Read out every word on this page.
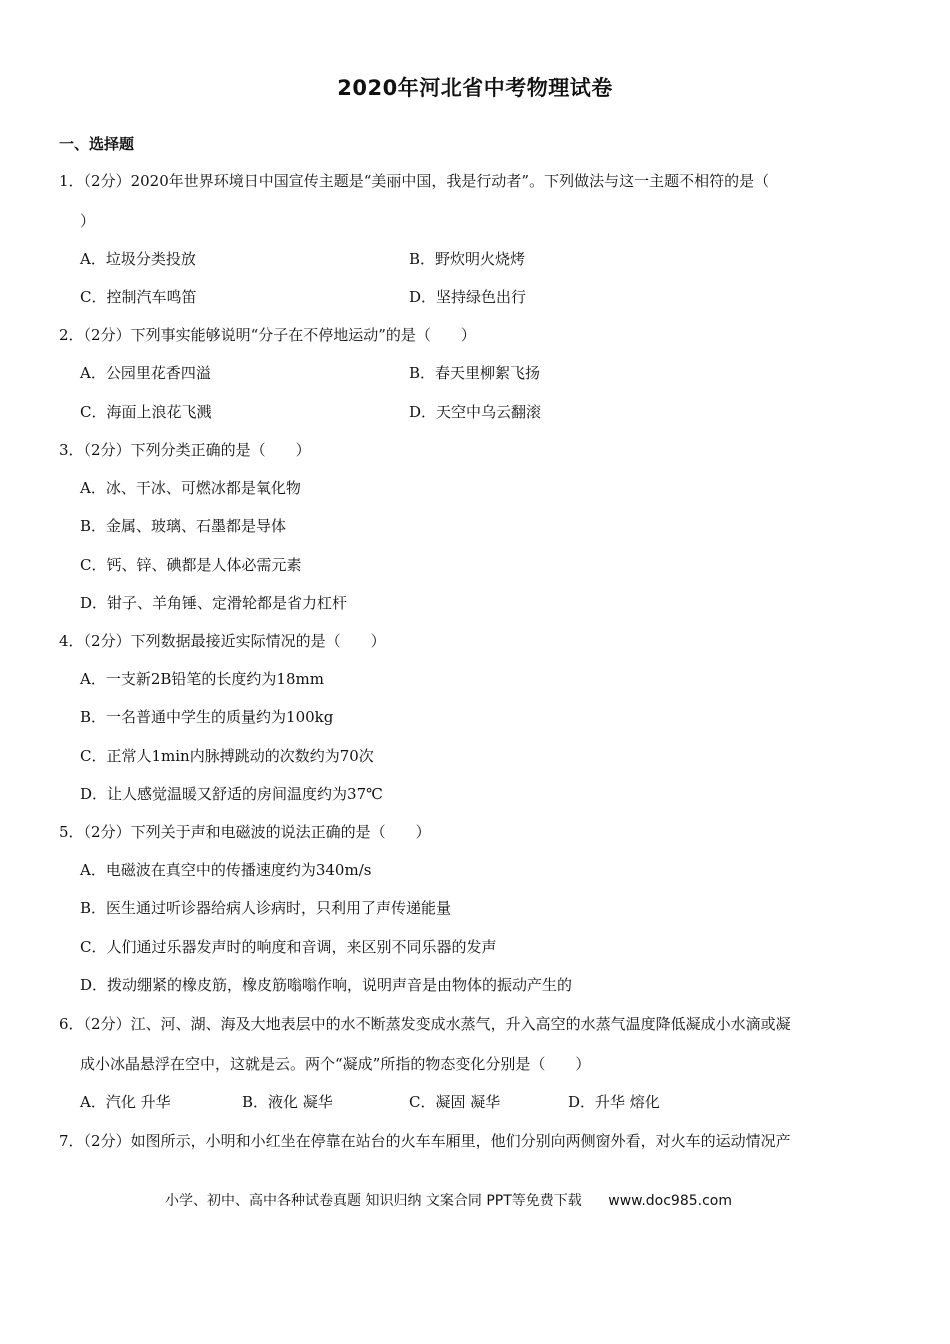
2020年河北省中考物理试卷
一、选择题
1．（2分）2020年世界环境日中国宣传主题是“美丽中国，我是行动者”。下列做法与这一主题不相符的是（
）
A．垃圾分类投放	B．野炊明火烧烤
C．控制汽车鸣笛	D．坚持绿色出行
2．（2分）下列事实能够说明“分子在不停地运动”的是（　　）
A．公园里花香四溢	B．春天里柳絮飞扬
C．海面上浪花飞溅	D．天空中乌云翻滚
3．（2分）下列分类正确的是（　　）
A．冰、干冰、可燃冰都是氧化物
B．金属、玻璃、石墨都是导体
C．钙、锌、碘都是人体必需元素
D．钳子、羊角锤、定滑轮都是省力杠杆
4．（2分）下列数据最接近实际情况的是（　　）
A．一支新2B铅笔的长度约为18mm
B．一名普通中学生的质量约为100kg
C．正常人1min内脉搏跳动的次数约为70次
D．让人感觉温暖又舒适的房间温度约为37℃
5．（2分）下列关于声和电磁波的说法正确的是（　　）
A．电磁波在真空中的传播速度约为340m/s
B．医生通过听诊器给病人诊病时，只利用了声传递能量
C．人们通过乐器发声时的响度和音调，来区别不同乐器的发声
D．拨动绷紧的橡皮筋，橡皮筋嗡嗡作响，说明声音是由物体的振动产生的
6．（2分）江、河、湖、海及大地表层中的水不断蒸发变成水蒸气，升入高空的水蒸气温度降低凝成小水滴或凝
成小冰晶悬浮在空中，这就是云。两个“凝成”所指的物态变化分别是（　　）
A．汽化 升华	B．液化 凝华	C．凝固 凝华	D．升华 熔化
7．（2分）如图所示，小明和小红坐在停靠在站台的火车车厢里，他们分别向两侧窗外看，对火车的运动情况产
小学、初中、高中各种试卷真题 知识归纳 文案合同 PPT等免费下载 www.doc985.com
